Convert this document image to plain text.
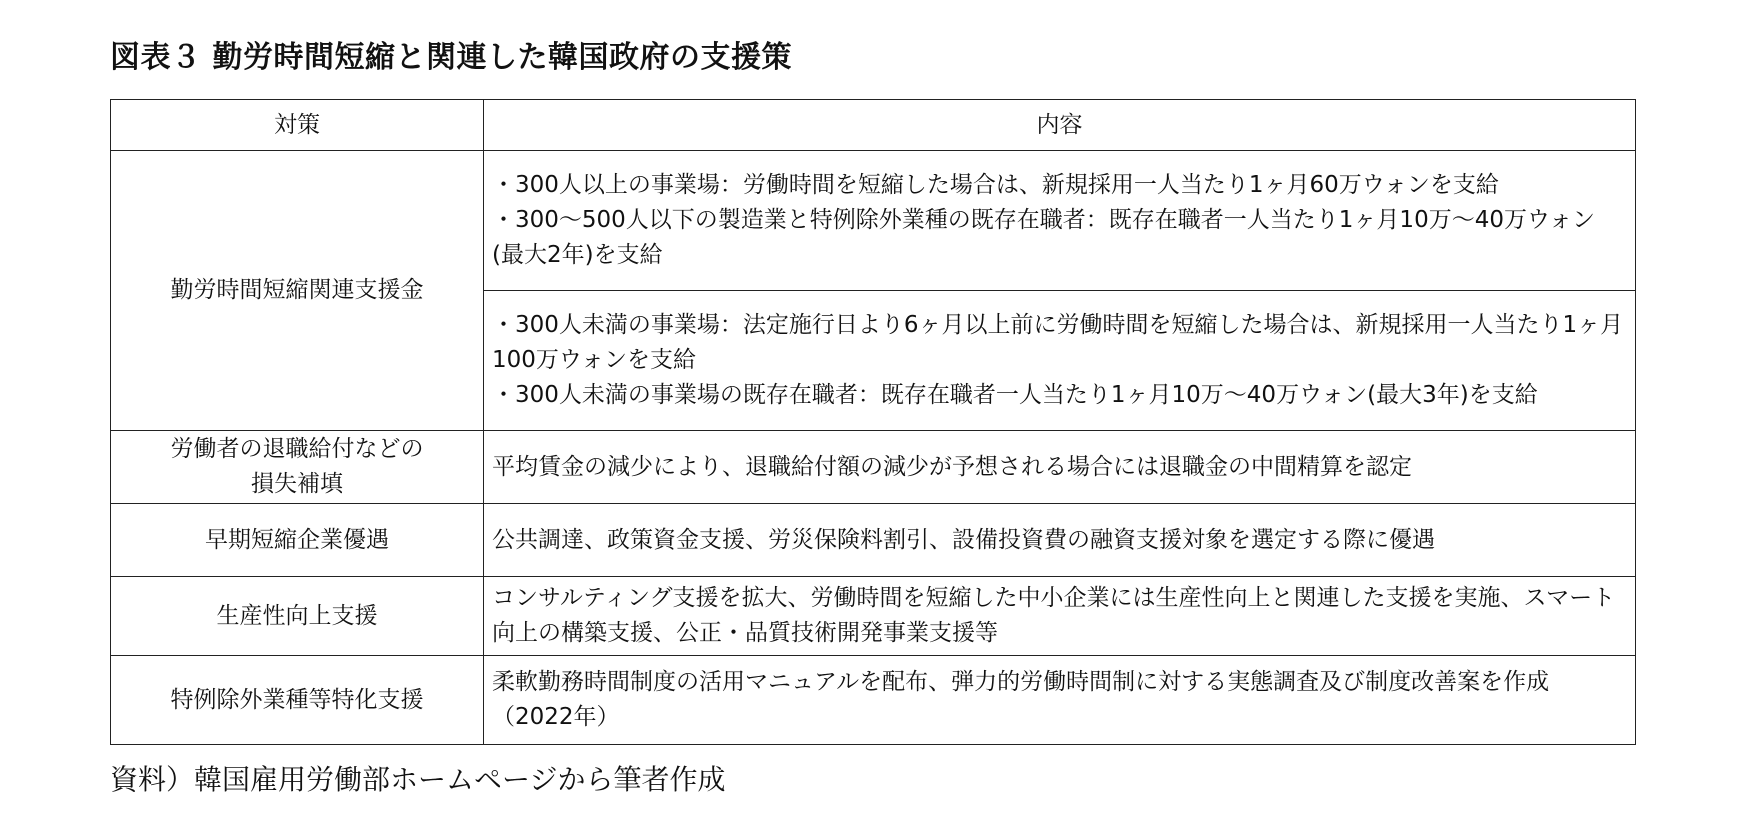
図表３ 勤労時間短縮と関連した韓国政府の支援策
対策	内容
勤労時間短縮関連支援金	・300人以上の事業場：労働時間を短縮した場合は、新規採用一人当たり1ヶ月60万ウォンを支給
・300〜500人以下の製造業と特例除外業種の既存在職者：既存在職者一人当たり1ヶ月10万〜40万ウォン(最大2年)を支給

	・300人未満の事業場：法定施行日より6ヶ月以上前に労働時間を短縮した場合は、新規採用一人当たり1ヶ月100万ウォンを支給
・300人未満の事業場の既存在職者：既存在職者一人当たり1ヶ月10万〜40万ウォン(最大3年)を支給

労働者の退職給付などの
損失補填	平均賃金の減少により、退職給付額の減少が予想される場合には退職金の中間精算を認定
早期短縮企業優遇	公共調達、政策資金支援、労災保険料割引、設備投資費の融資支援対象を選定する際に優遇
生産性向上支援	コンサルティング支援を拡大、労働時間を短縮した中小企業には生産性向上と関連した支援を実施、スマート向上の構築支援、公正・品質技術開発事業支援等
特例除外業種等特化支援	柔軟勤務時間制度の活用マニュアルを配布、弾力的労働時間制に対する実態調査及び制度改善案を作成（2022年）
資料）韓国雇用労働部ホームページから筆者作成
